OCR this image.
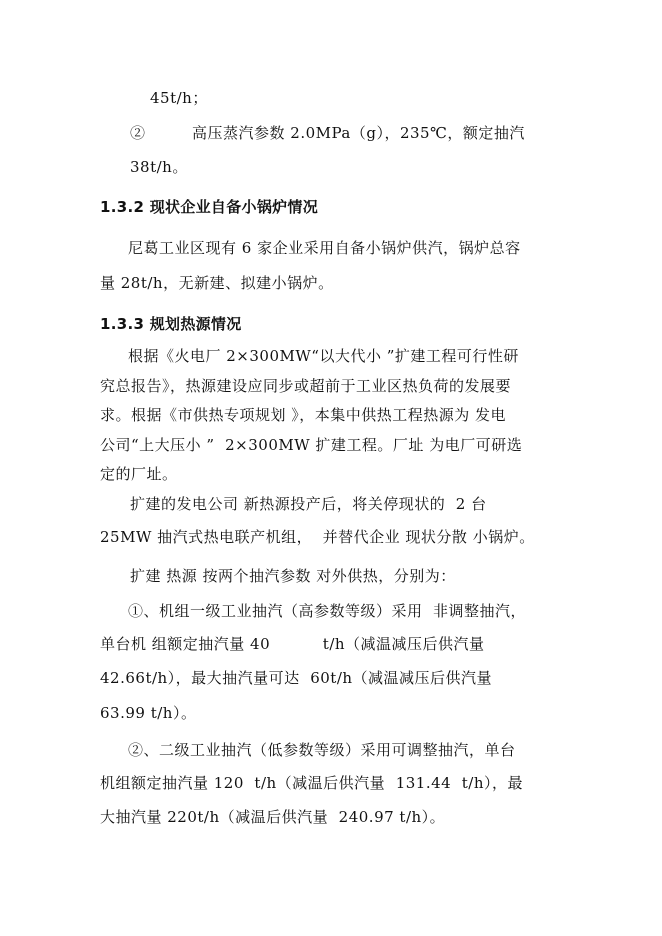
45t/h；
②　　　高压蒸汽参数 2.0MPa（g），235℃，额定抽汽
38t/h。
1.3.2 现状企业自备小锅炉情况
尼葛工业区现有 6 家企业采用自备小锅炉供汽，锅炉总容
量 28t/h，无新建、拟建小锅炉。
1.3.3 规划热源情况
根据《火电厂 2×300MW“以大代小 ”扩建工程可行性研
究总报告》，热源建设应同步或超前于工业区热负荷的发展要
求。根据《市供热专项规划 》，本集中供热工程热源为 发电
公司“上大压小 ”  2×300MW 扩建工程。厂址 为电厂可研选
定的厂址。
扩建的发电公司 新热源投产后，将关停现状的  2 台
25MW 抽汽式热电联产机组，  并替代企业 现状分散 小锅炉。
扩建 热源 按两个抽汽参数 对外供热，分别为：
①、机组一级工业抽汽（高参数等级）采用  非调整抽汽，
单台机 组额定抽汽量 40          t/h（减温减压后供汽量
42.66t/h），最大抽汽量可达  60t/h（减温减压后供汽量
63.99 t/h）。
②、二级工业抽汽（低参数等级）采用可调整抽汽，单台
机组额定抽汽量 120  t/h（减温后供汽量  131.44  t/h），最
大抽汽量 220t/h（减温后供汽量  240.97 t/h）。
